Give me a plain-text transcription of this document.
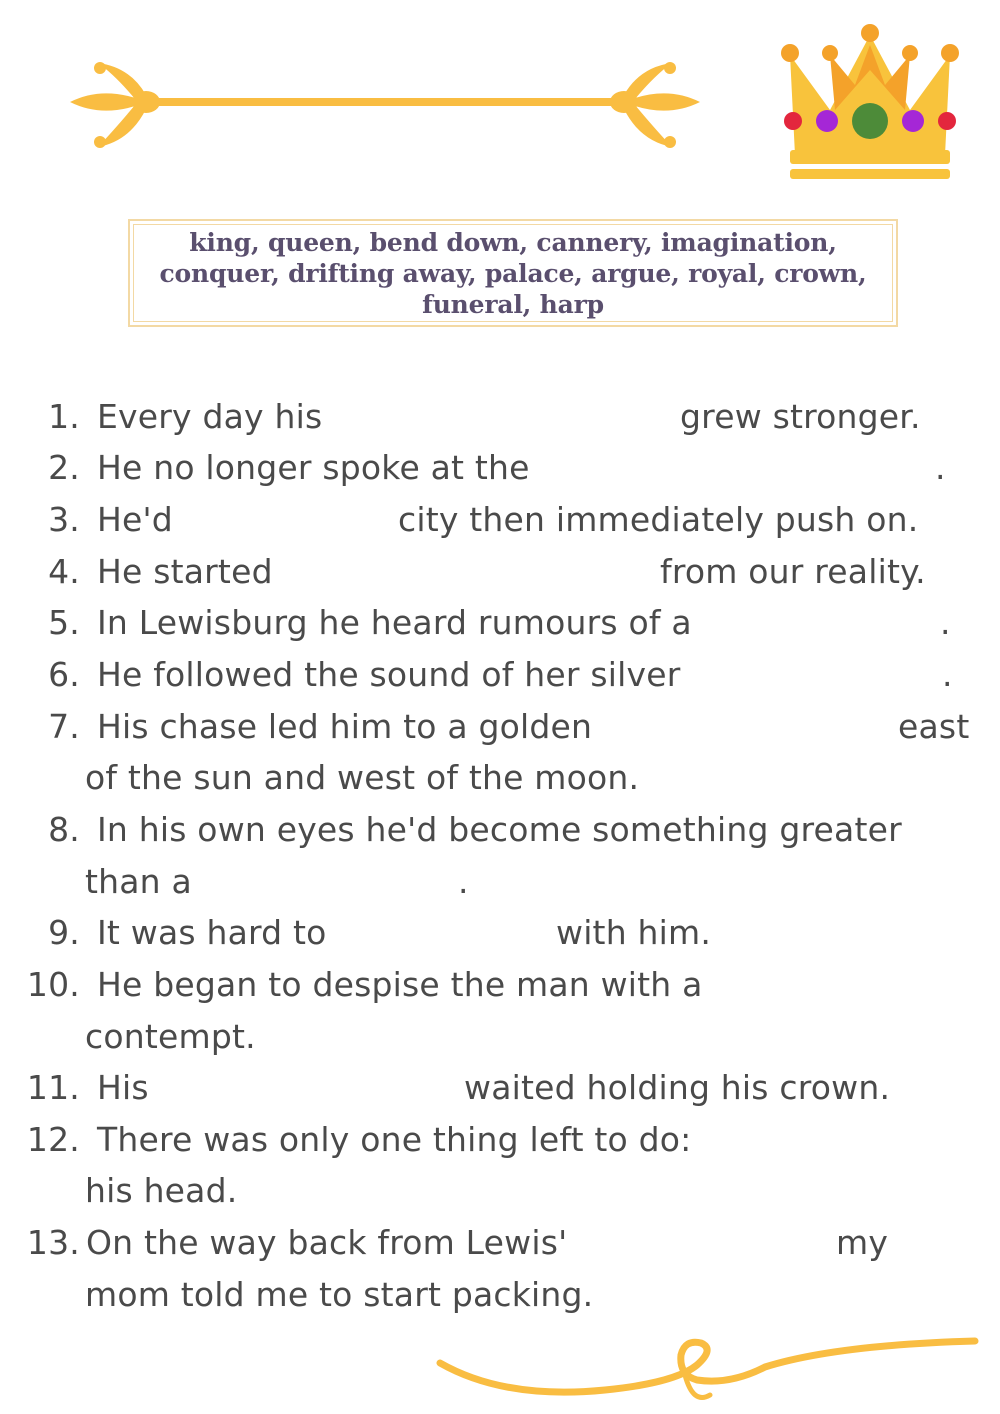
king, queen, bend down, cannery, imagination, conquer, drifting away, palace, argue, royal, crown, funeral, harp
1. Every day his	grew stronger.
2. He no longer spoke at the	.
3. He'd	city then immediately push on.
4. He started	from our reality.
5. In Lewisburg he heard rumours of a	.
6. He followed the sound of her silver	.
7. His chase led him to a golden	east
of the sun and west of the moon.
8. In his own eyes he'd become something greater
than a	.
9. It was hard to	with him.
10. He began to despise the man with a
contempt.
11. His	waited holding his crown.
12. There was only one thing left to do:
his head.
13. On the way back from Lewis'	my
mom told me to start packing.
